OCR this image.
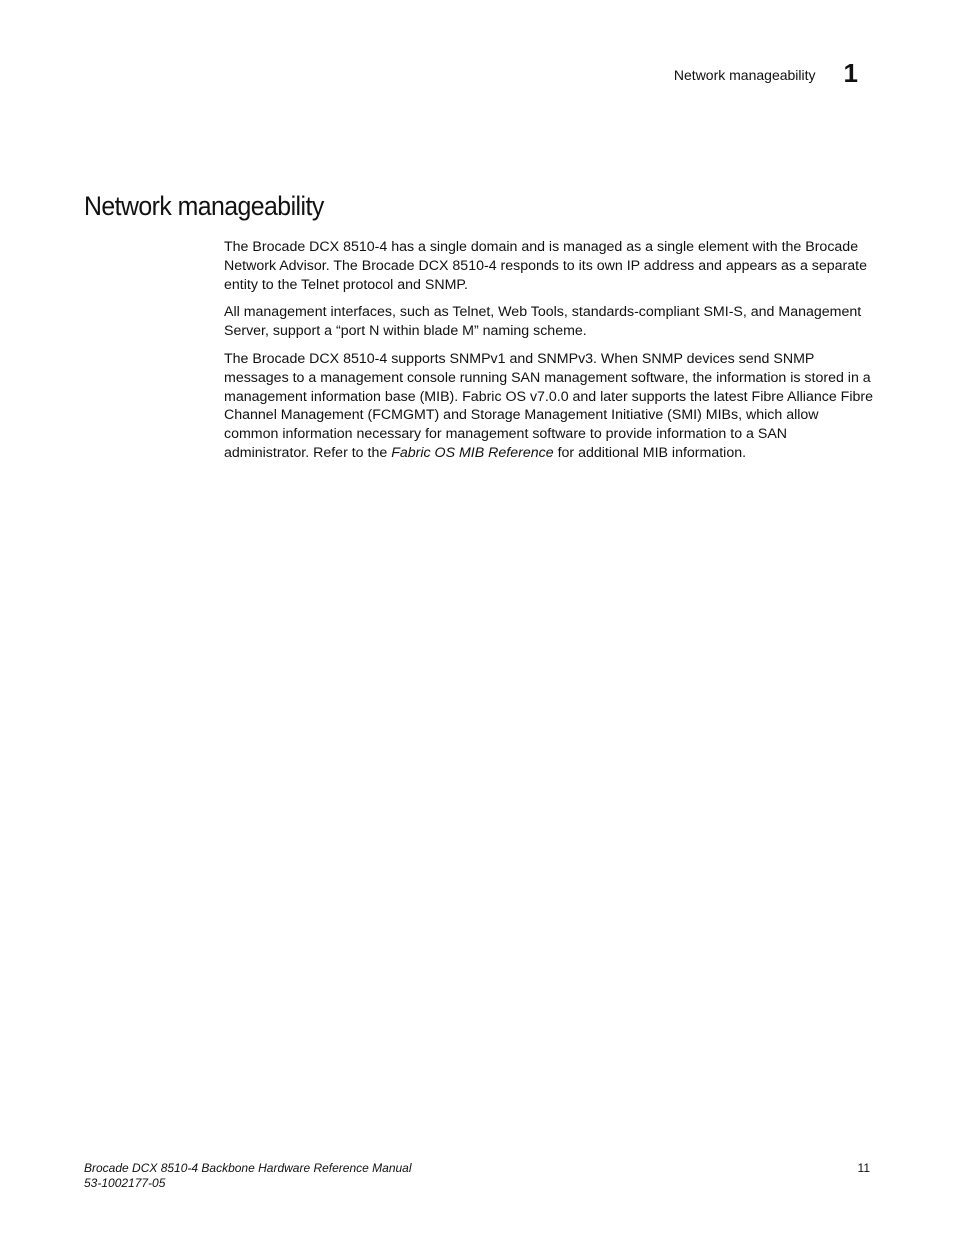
Network manageability 1
Network manageability

The Brocade DCX 8510-4 has a single domain and is managed as a single element with the Brocade Network Advisor. The Brocade DCX 8510-4 responds to its own IP address and appears as a separate entity to the Telnet protocol and SNMP.

All management interfaces, such as Telnet, Web Tools, standards-compliant SMI-S, and Management Server, support a “port N within blade M” naming scheme.

The Brocade DCX 8510-4 supports SNMPv1 and SNMPv3. When SNMP devices send SNMP messages to a management console running SAN management software, the information is stored in a management information base (MIB). Fabric OS v7.0.0 and later supports the latest Fibre Alliance Fibre Channel Management (FCMGMT) and Storage Management Initiative (SMI) MIBs, which allow common information necessary for management software to provide information to a SAN administrator. Refer to the Fabric OS MIB Reference for additional MIB information.

Brocade DCX 8510-4 Backbone Hardware Reference Manual
53-1002177-05
11
